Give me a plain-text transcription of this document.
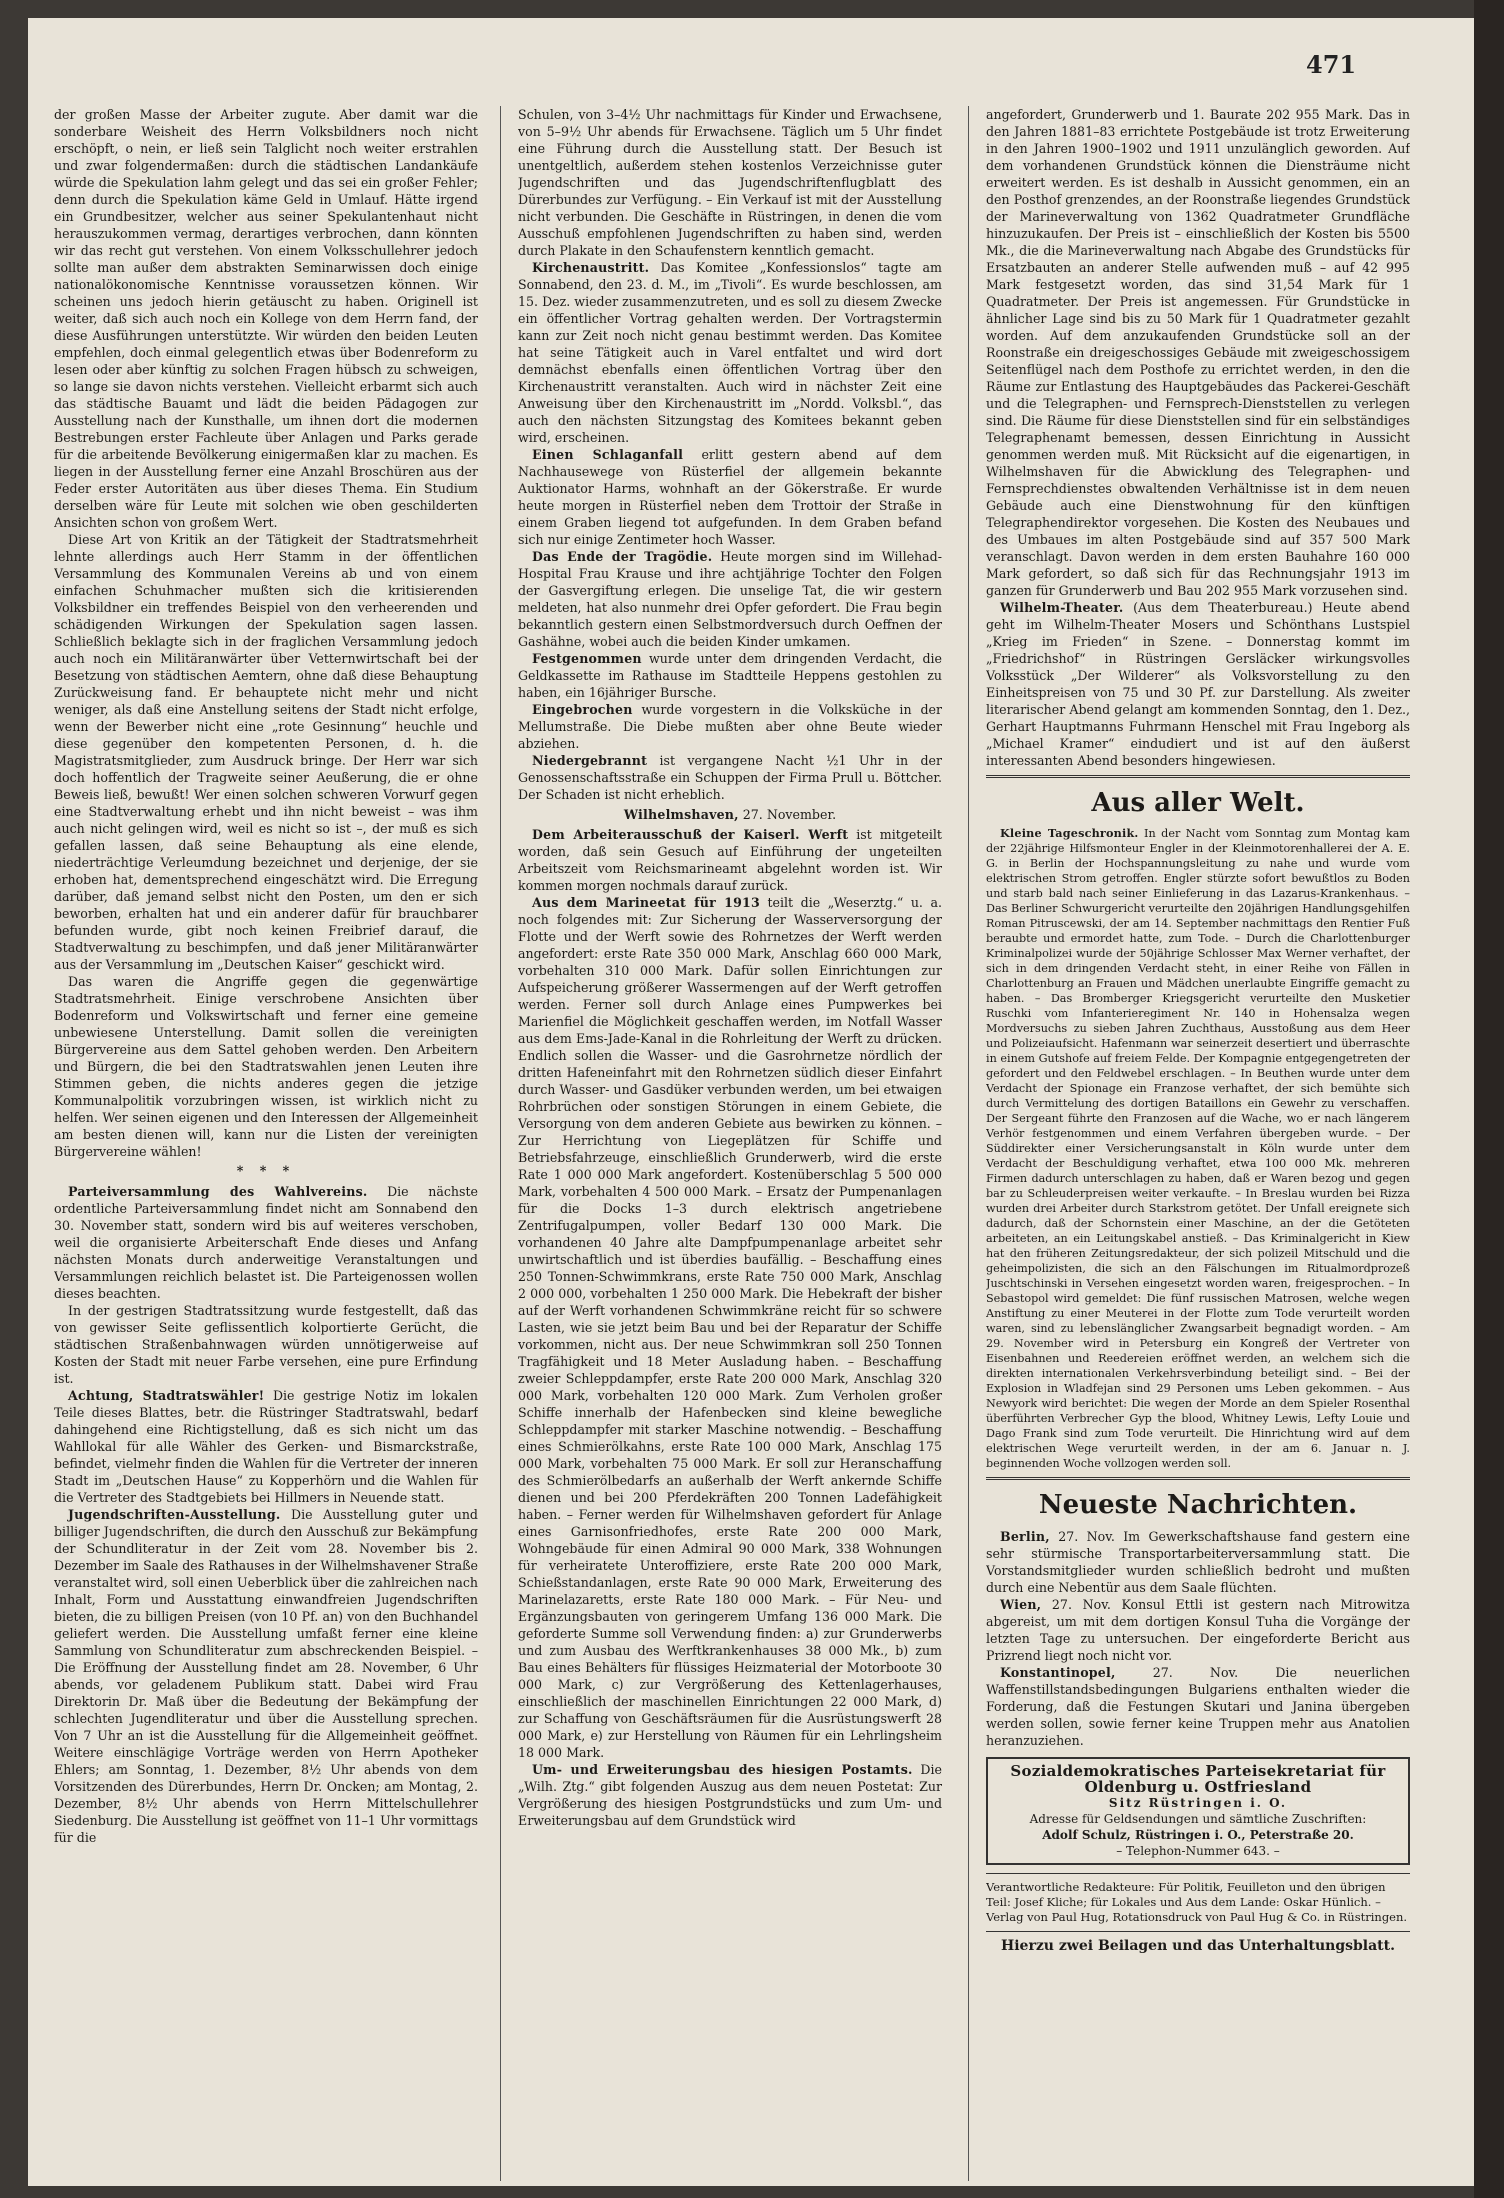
471

der großen Masse der Arbeiter zugute. Aber damit war die sonderbare Weisheit des Herrn Volksbildners noch nicht erschöpft, o nein, er ließ sein Talglicht noch weiter erstrahlen und zwar folgendermaßen: durch die städtischen Landankäufe würde die Spekulation lahm gelegt und das sei ein großer Fehler; denn durch die Spekulation käme Geld in Umlauf. Hätte irgend ein Grundbesitzer, welcher aus seiner Spekulantenhaut nicht herauszukommen vermag, derartiges verbrochen, dann könnten wir das recht gut verstehen. Von einem Volksschullehrer jedoch sollte man außer dem abstrakten Seminarwissen doch einige nationalökonomische Kenntnisse voraussetzen können. Wir scheinen uns jedoch hierin getäuscht zu haben. Originell ist weiter, daß sich auch noch ein Kollege von dem Herrn fand, der diese Ausführungen unterstützte. Wir würden den beiden Leuten empfehlen, doch einmal gelegentlich etwas über Bodenreform zu lesen oder aber künftig zu solchen Fragen hübsch zu schweigen, so lange sie davon nichts verstehen. Vielleicht erbarmt sich auch das städtische Bauamt und lädt die beiden Pädagogen zur Ausstellung nach der Kunsthalle, um ihnen dort die modernen Bestrebungen erster Fachleute über Anlagen und Parks gerade für die arbeitende Bevölkerung einigermaßen klar zu machen. Es liegen in der Ausstellung ferner eine Anzahl Broschüren aus der Feder erster Autoritäten aus über dieses Thema. Ein Studium derselben wäre für Leute mit solchen wie oben geschilderten Ansichten schon von großem Wert.

Diese Art von Kritik an der Tätigkeit der Stadtratsmehrheit lehnte allerdings auch Herr Stamm in der öffentlichen Versammlung des Kommunalen Vereins ab und von einem einfachen Schuhmacher mußten sich die kritisierenden Volksbildner ein treffendes Beispiel von den verheerenden und schädigenden Wirkungen der Spekulation sagen lassen. Schließlich beklagte sich in der fraglichen Versammlung jedoch auch noch ein Militäranwärter über Vetternwirtschaft bei der Besetzung von städtischen Aemtern, ohne daß diese Behauptung Zurückweisung fand. Er behauptete nicht mehr und nicht weniger, als daß eine Anstellung seitens der Stadt nicht erfolge, wenn der Bewerber nicht eine „rote Gesinnung“ heuchle und diese gegenüber den kompetenten Personen, d. h. die Magistratsmitglieder, zum Ausdruck bringe. Der Herr war sich doch hoffentlich der Tragweite seiner Aeußerung, die er ohne Beweis ließ, bewußt! Wer einen solchen schweren Vorwurf gegen eine Stadtverwaltung erhebt und ihn nicht beweist – was ihm auch nicht gelingen wird, weil es nicht so ist –, der muß es sich gefallen lassen, daß seine Behauptung als eine elende, niederträchtige Verleumdung bezeichnet und derjenige, der sie erhoben hat, dementsprechend eingeschätzt wird. Die Erregung darüber, daß jemand selbst nicht den Posten, um den er sich beworben, erhalten hat und ein anderer dafür für brauchbarer befunden wurde, gibt noch keinen Freibrief darauf, die Stadtverwaltung zu beschimpfen, und daß jener Militäranwärter aus der Versammlung im „Deutschen Kaiser“ geschickt wird.

Das waren die Angriffe gegen die gegenwärtige Stadtratsmehrheit. Einige verschrobene Ansichten über Bodenreform und Volkswirtschaft und ferner eine gemeine unbewiesene Unterstellung. Damit sollen die vereinigten Bürgervereine aus dem Sattel gehoben werden. Den Arbeitern und Bürgern, die bei den Stadtratswahlen jenen Leuten ihre Stimmen geben, die nichts anderes gegen die jetzige Kommunalpolitik vorzubringen wissen, ist wirklich nicht zu helfen. Wer seinen eigenen und den Interessen der Allgemeinheit am besten dienen will, kann nur die Listen der vereinigten Bürgervereine wählen!

* * *

Parteiversammlung des Wahlvereins. Die nächste ordentliche Parteiversammlung findet nicht am Sonnabend den 30. November statt, sondern wird bis auf weiteres verschoben, weil die organisierte Arbeiterschaft Ende dieses und Anfang nächsten Monats durch anderweitige Veranstaltungen und Versammlungen reichlich belastet ist. Die Parteigenossen wollen dieses beachten.

In der gestrigen Stadtratssitzung wurde festgestellt, daß das von gewisser Seite geflissentlich kolportierte Gerücht, die städtischen Straßenbahnwagen würden unnötigerweise auf Kosten der Stadt mit neuer Farbe versehen, eine pure Erfindung ist.

Achtung, Stadtratswähler! Die gestrige Notiz im lokalen Teile dieses Blattes, betr. die Rüstringer Stadtratswahl, bedarf dahingehend eine Richtigstellung, daß es sich nicht um das Wahllokal für alle Wähler des Gerken- und Bismarckstraße, befindet, vielmehr finden die Wahlen für die Vertreter der inneren Stadt im „Deutschen Hause“ zu Kopperhörn und die Wahlen für die Vertreter des Stadtgebiets bei Hillmers in Neuende statt.

Jugendschriften-Ausstellung. Die Ausstellung guter und billiger Jugendschriften, die durch den Ausschuß zur Bekämpfung der Schundliteratur in der Zeit vom 28. November bis 2. Dezember im Saale des Rathauses in der Wilhelmshavener Straße veranstaltet wird, soll einen Ueberblick über die zahlreichen nach Inhalt, Form und Ausstattung einwandfreien Jugendschriften bieten, die zu billigen Preisen (von 10 Pf. an) von den Buchhandel geliefert werden. Die Ausstellung umfaßt ferner eine kleine Sammlung von Schundliteratur zum abschreckenden Beispiel. – Die Eröffnung der Ausstellung findet am 28. November, 6 Uhr abends, vor geladenem Publikum statt. Dabei wird Frau Direktorin Dr. Maß über die Bedeutung der Bekämpfung der schlechten Jugendliteratur und über die Ausstellung sprechen. Von 7 Uhr an ist die Ausstellung für die Allgemeinheit geöffnet. Weitere einschlägige Vorträge werden von Herrn Apotheker Ehlers; am Sonntag, 1. Dezember, 8½ Uhr abends von dem Vorsitzenden des Dürerbundes, Herrn Dr. Oncken; am Montag, 2. Dezember, 8½ Uhr abends von Herrn Mittelschullehrer Siedenburg. Die Ausstellung ist geöffnet von 11–1 Uhr vormittags für die

Schulen, von 3–4½ Uhr nachmittags für Kinder und Erwachsene, von 5–9½ Uhr abends für Erwachsene. Täglich um 5 Uhr findet eine Führung durch die Ausstellung statt. Der Besuch ist unentgeltlich, außerdem stehen kostenlos Verzeichnisse guter Jugendschriften und das Jugendschriftenflugblatt des Dürerbundes zur Verfügung. – Ein Verkauf ist mit der Ausstellung nicht verbunden. Die Geschäfte in Rüstringen, in denen die vom Ausschuß empfohlenen Jugendschriften zu haben sind, werden durch Plakate in den Schaufenstern kenntlich gemacht.

Kirchenaustritt. Das Komitee „Konfessionslos“ tagte am Sonnabend, den 23. d. M., im „Tivoli“. Es wurde beschlossen, am 15. Dez. wieder zusammenzutreten, und es soll zu diesem Zwecke ein öffentlicher Vortrag gehalten werden. Der Vortragstermin kann zur Zeit noch nicht genau bestimmt werden. Das Komitee hat seine Tätigkeit auch in Varel entfaltet und wird dort demnächst ebenfalls einen öffentlichen Vortrag über den Kirchenaustritt veranstalten. Auch wird in nächster Zeit eine Anweisung über den Kirchenaustritt im „Nordd. Volksbl.“, das auch den nächsten Sitzungstag des Komitees bekannt geben wird, erscheinen.

Einen Schlaganfall erlitt gestern abend auf dem Nachhausewege von Rüsterfiel der allgemein bekannte Auktionator Harms, wohnhaft an der Gökerstraße. Er wurde heute morgen in Rüsterfiel neben dem Trottoir der Straße in einem Graben liegend tot aufgefunden. In dem Graben befand sich nur einige Zentimeter hoch Wasser.

Das Ende der Tragödie. Heute morgen sind im Willehad-Hospital Frau Krause und ihre achtjährige Tochter den Folgen der Gasvergiftung erlegen. Die unselige Tat, die wir gestern meldeten, hat also nunmehr drei Opfer gefordert. Die Frau begin bekanntlich gestern einen Selbstmordversuch durch Oeffnen der Gashähne, wobei auch die beiden Kinder umkamen.

Festgenommen wurde unter dem dringenden Verdacht, die Geldkassette im Rathause im Stadtteile Heppens gestohlen zu haben, ein 16jähriger Bursche.

Eingebrochen wurde vorgestern in die Volksküche in der Mellumstraße. Die Diebe mußten aber ohne Beute wieder abziehen.

Niedergebrannt ist vergangene Nacht ½1 Uhr in der Genossenschaftsstraße ein Schuppen der Firma Prull u. Böttcher. Der Schaden ist nicht erheblich.

Wilhelmshaven, 27. November.

Dem Arbeiterausschuß der Kaiserl. Werft ist mitgeteilt worden, daß sein Gesuch auf Einführung der ungeteilten Arbeitszeit vom Reichsmarineamt abgelehnt worden ist. Wir kommen morgen nochmals darauf zurück.

Aus dem Marineetat für 1913 teilt die „Weserztg.“ u. a. noch folgendes mit: Zur Sicherung der Wasserversorgung der Flotte und der Werft sowie des Rohrnetzes der Werft werden angefordert: erste Rate 350 000 Mark, Anschlag 660 000 Mark, vorbehalten 310 000 Mark. Dafür sollen Einrichtungen zur Aufspeicherung größerer Wassermengen auf der Werft getroffen werden. Ferner soll durch Anlage eines Pumpwerkes bei Marienfiel die Möglichkeit geschaffen werden, im Notfall Wasser aus dem Ems-Jade-Kanal in die Rohrleitung der Werft zu drücken. Endlich sollen die Wasser- und die Gasrohrnetze nördlich der dritten Hafeneinfahrt mit den Rohrnetzen südlich dieser Einfahrt durch Wasser- und Gasdüker verbunden werden, um bei etwaigen Rohrbrüchen oder sonstigen Störungen in einem Gebiete, die Versorgung von dem anderen Gebiete aus bewirken zu können. – Zur Herrichtung von Liegeplätzen für Schiffe und Betriebsfahrzeuge, einschließlich Grunderwerb, wird die erste Rate 1 000 000 Mark angefordert. Kostenüberschlag 5 500 000 Mark, vorbehalten 4 500 000 Mark. – Ersatz der Pumpenanlagen für die Docks 1–3 durch elektrisch angetriebene Zentrifugalpumpen, voller Bedarf 130 000 Mark. Die vorhandenen 40 Jahre alte Dampfpumpenanlage arbeitet sehr unwirtschaftlich und ist überdies baufällig. – Beschaffung eines 250 Tonnen-Schwimmkrans, erste Rate 750 000 Mark, Anschlag 2 000 000, vorbehalten 1 250 000 Mark. Die Hebekraft der bisher auf der Werft vorhandenen Schwimmkräne reicht für so schwere Lasten, wie sie jetzt beim Bau und bei der Reparatur der Schiffe vorkommen, nicht aus. Der neue Schwimmkran soll 250 Tonnen Tragfähigkeit und 18 Meter Ausladung haben. – Beschaffung zweier Schleppdampfer, erste Rate 200 000 Mark, Anschlag 320 000 Mark, vorbehalten 120 000 Mark. Zum Verholen großer Schiffe innerhalb der Hafenbecken sind kleine bewegliche Schleppdampfer mit starker Maschine notwendig. – Beschaffung eines Schmierölkahns, erste Rate 100 000 Mark, Anschlag 175 000 Mark, vorbehalten 75 000 Mark. Er soll zur Heranschaffung des Schmierölbedarfs an außerhalb der Werft ankernde Schiffe dienen und bei 200 Pferdekräften 200 Tonnen Ladefähigkeit haben. – Ferner werden für Wilhelmshaven gefordert für Anlage eines Garnisonfriedhofes, erste Rate 200 000 Mark, Wohngebäude für einen Admiral 90 000 Mark, 338 Wohnungen für verheiratete Unteroffiziere, erste Rate 200 000 Mark, Schießstandanlagen, erste Rate 90 000 Mark, Erweiterung des Marinelazaretts, erste Rate 180 000 Mark. – Für Neu- und Ergänzungsbauten von geringerem Umfang 136 000 Mark. Die geforderte Summe soll Verwendung finden: a) zur Grunderwerbs und zum Ausbau des Werftkrankenhauses 38 000 Mk., b) zum Bau eines Behälters für flüssiges Heizmaterial der Motorboote 30 000 Mark, c) zur Vergrößerung des Kettenlagerhauses, einschließlich der maschinellen Einrichtungen 22 000 Mark, d) zur Schaffung von Geschäftsräumen für die Ausrüstungswerft 28 000 Mark, e) zur Herstellung von Räumen für ein Lehrlingsheim 18 000 Mark.

Um- und Erweiterungsbau des hiesigen Postamts. Die „Wilh. Ztg.“ gibt folgenden Auszug aus dem neuen Postetat: Zur Vergrößerung des hiesigen Postgrundstücks und zum Um- und Erweiterungsbau auf dem Grundstück wird

angefordert, Grunderwerb und 1. Baurate 202 955 Mark. Das in den Jahren 1881–83 errichtete Postgebäude ist trotz Erweiterung in den Jahren 1900–1902 und 1911 unzulänglich geworden. Auf dem vorhandenen Grundstück können die Diensträume nicht erweitert werden. Es ist deshalb in Aussicht genommen, ein an den Posthof grenzendes, an der Roonstraße liegendes Grundstück der Marineverwaltung von 1362 Quadratmeter Grundfläche hinzuzukaufen. Der Preis ist – einschließlich der Kosten bis 5500 Mk., die die Marineverwaltung nach Abgabe des Grundstücks für Ersatzbauten an anderer Stelle aufwenden muß – auf 42 995 Mark festgesetzt worden, das sind 31,54 Mark für 1 Quadratmeter. Der Preis ist angemessen. Für Grundstücke in ähnlicher Lage sind bis zu 50 Mark für 1 Quadratmeter gezahlt worden. Auf dem anzukaufenden Grundstücke soll an der Roonstraße ein dreigeschossiges Gebäude mit zweigeschossigem Seitenflügel nach dem Posthofe zu errichtet werden, in den die Räume zur Entlastung des Hauptgebäudes das Packerei-Geschäft und die Telegraphen- und Fernsprech-Dienststellen zu verlegen sind. Die Räume für diese Dienststellen sind für ein selbständiges Telegraphenamt bemessen, dessen Einrichtung in Aussicht genommen werden muß. Mit Rücksicht auf die eigenartigen, in Wilhelmshaven für die Abwicklung des Telegraphen- und Fernsprechdienstes obwaltenden Verhältnisse ist in dem neuen Gebäude auch eine Dienstwohnung für den künftigen Telegraphendirektor vorgesehen. Die Kosten des Neubaues und des Umbaues im alten Postgebäude sind auf 357 500 Mark veranschlagt. Davon werden in dem ersten Bauhahre 160 000 Mark gefordert, so daß sich für das Rechnungsjahr 1913 im ganzen für Grunderwerb und Bau 202 955 Mark vorzusehen sind.

Wilhelm-Theater. (Aus dem Theaterbureau.) Heute abend geht im Wilhelm-Theater Mosers und Schönthans Lustspiel „Krieg im Frieden“ in Szene. – Donnerstag kommt im „Friedrichshof“ in Rüstringen Gersläcker wirkungsvolles Volksstück „Der Wilderer“ als Volksvorstellung zu den Einheitspreisen von 75 und 30 Pf. zur Darstellung. Als zweiter literarischer Abend gelangt am kommenden Sonntag, den 1. Dez., Gerhart Hauptmanns Fuhrmann Henschel mit Frau Ingeborg als „Michael Kramer“ eindudiert und ist auf den äußerst interessanten Abend besonders hingewiesen.

Aus aller Welt.

Kleine Tageschronik. In der Nacht vom Sonntag zum Montag kam der 22jährige Hilfsmonteur Engler in der Kleinmotorenhallerei der A. E. G. in Berlin der Hochspannungsleitung zu nahe und wurde vom elektrischen Strom getroffen. Engler stürzte sofort bewußtlos zu Boden und starb bald nach seiner Einlieferung in das Lazarus-Krankenhaus. – Das Berliner Schwurgericht verurteilte den 20jährigen Handlungsgehilfen Roman Pitruscewski, der am 14. September nachmittags den Rentier Fuß beraubte und ermordet hatte, zum Tode. – Durch die Charlottenburger Kriminalpolizei wurde der 50jährige Schlosser Max Werner verhaftet, der sich in dem dringenden Verdacht steht, in einer Reihe von Fällen in Charlottenburg an Frauen und Mädchen unerlaubte Eingriffe gemacht zu haben. – Das Bromberger Kriegsgericht verurteilte den Musketier Ruschki vom Infanterieregiment Nr. 140 in Hohensalza wegen Mordversuchs zu sieben Jahren Zuchthaus, Ausstoßung aus dem Heer und Polizeiaufsicht. Hafenmann war seinerzeit desertiert und überraschte in einem Gutshofe auf freiem Felde. Der Kompagnie entgegengetreten der gefordert und den Feldwebel erschlagen. – In Beuthen wurde unter dem Verdacht der Spionage ein Franzose verhaftet, der sich bemühte sich durch Vermittelung des dortigen Bataillons ein Gewehr zu verschaffen. Der Sergeant führte den Franzosen auf die Wache, wo er nach längerem Verhör festgenommen und einem Verfahren übergeben wurde. – Der Süddirekter einer Versicherungsanstalt in Köln wurde unter dem Verdacht der Beschuldigung verhaftet, etwa 100 000 Mk. mehreren Firmen dadurch unterschlagen zu haben, daß er Waren bezog und gegen bar zu Schleuderpreisen weiter verkaufte. – In Breslau wurden bei Rizza wurden drei Arbeiter durch Starkstrom getötet. Der Unfall ereignete sich dadurch, daß der Schornstein einer Maschine, an der die Getöteten arbeiteten, an ein Leitungskabel anstieß. – Das Kriminalgericht in Kiew hat den früheren Zeitungsredakteur, der sich polizeil Mitschuld und die geheimpolizisten, die sich an den Fälschungen im Ritualmordprozeß Juschtschinski in Versehen eingesetzt worden waren, freigesprochen. – In Sebastopol wird gemeldet: Die fünf russischen Matrosen, welche wegen Anstiftung zu einer Meuterei in der Flotte zum Tode verurteilt worden waren, sind zu lebenslänglicher Zwangsarbeit begnadigt worden. – Am 29. November wird in Petersburg ein Kongreß der Vertreter von Eisenbahnen und Reedereien eröffnet werden, an welchem sich die direkten internationalen Verkehrsverbindung beteiligt sind. – Bei der Explosion in Wladfejan sind 29 Personen ums Leben gekommen. – Aus Newyork wird berichtet: Die wegen der Morde an dem Spieler Rosenthal überführten Verbrecher Gyp the blood, Whitney Lewis, Lefty Louie und Dago Frank sind zum Tode verurteilt. Die Hinrichtung wird auf dem elektrischen Wege verurteilt werden, in der am 6. Januar n. J. beginnenden Woche vollzogen werden soll.

Neueste Nachrichten.

Berlin, 27. Nov. Im Gewerkschaftshause fand gestern eine sehr stürmische Transportarbeiterversammlung statt. Die Vorstandsmitglieder wurden schließlich bedroht und mußten durch eine Nebentür aus dem Saale flüchten.

Wien, 27. Nov. Konsul Ettli ist gestern nach Mitrowitza abgereist, um mit dem dortigen Konsul Tuha die Vorgänge der letzten Tage zu untersuchen. Der eingeforderte Bericht aus Prizrend liegt noch nicht vor.

Konstantinopel,	27. Nov. Die neuerlichen Waffenstillstandsbedingungen Bulgariens enthalten wieder die Forderung, daß die Festungen Skutari und Janina übergeben werden sollen, sowie ferner keine Truppen mehr aus Anatolien heranzuziehen.

Sozialdemokratisches Parteisekretariat für Oldenburg u. Ostfriesland
Sitz Rüstringen i. O.
Adresse für Geldsendungen und sämtliche Zuschriften:
Adolf Schulz, Rüstringen i. O., Peterstraße 20.
– Telephon-Nummer 643. –
Verantwortliche Redakteure: Für Politik, Feuilleton und den übrigen Teil: Josef Kliche; für Lokales und Aus dem Lande: Oskar Hünlich. – Verlag von Paul Hug, Rotationsdruck von Paul Hug & Co. in Rüstringen.
Hierzu zwei Beilagen und das Unterhaltungsblatt.
